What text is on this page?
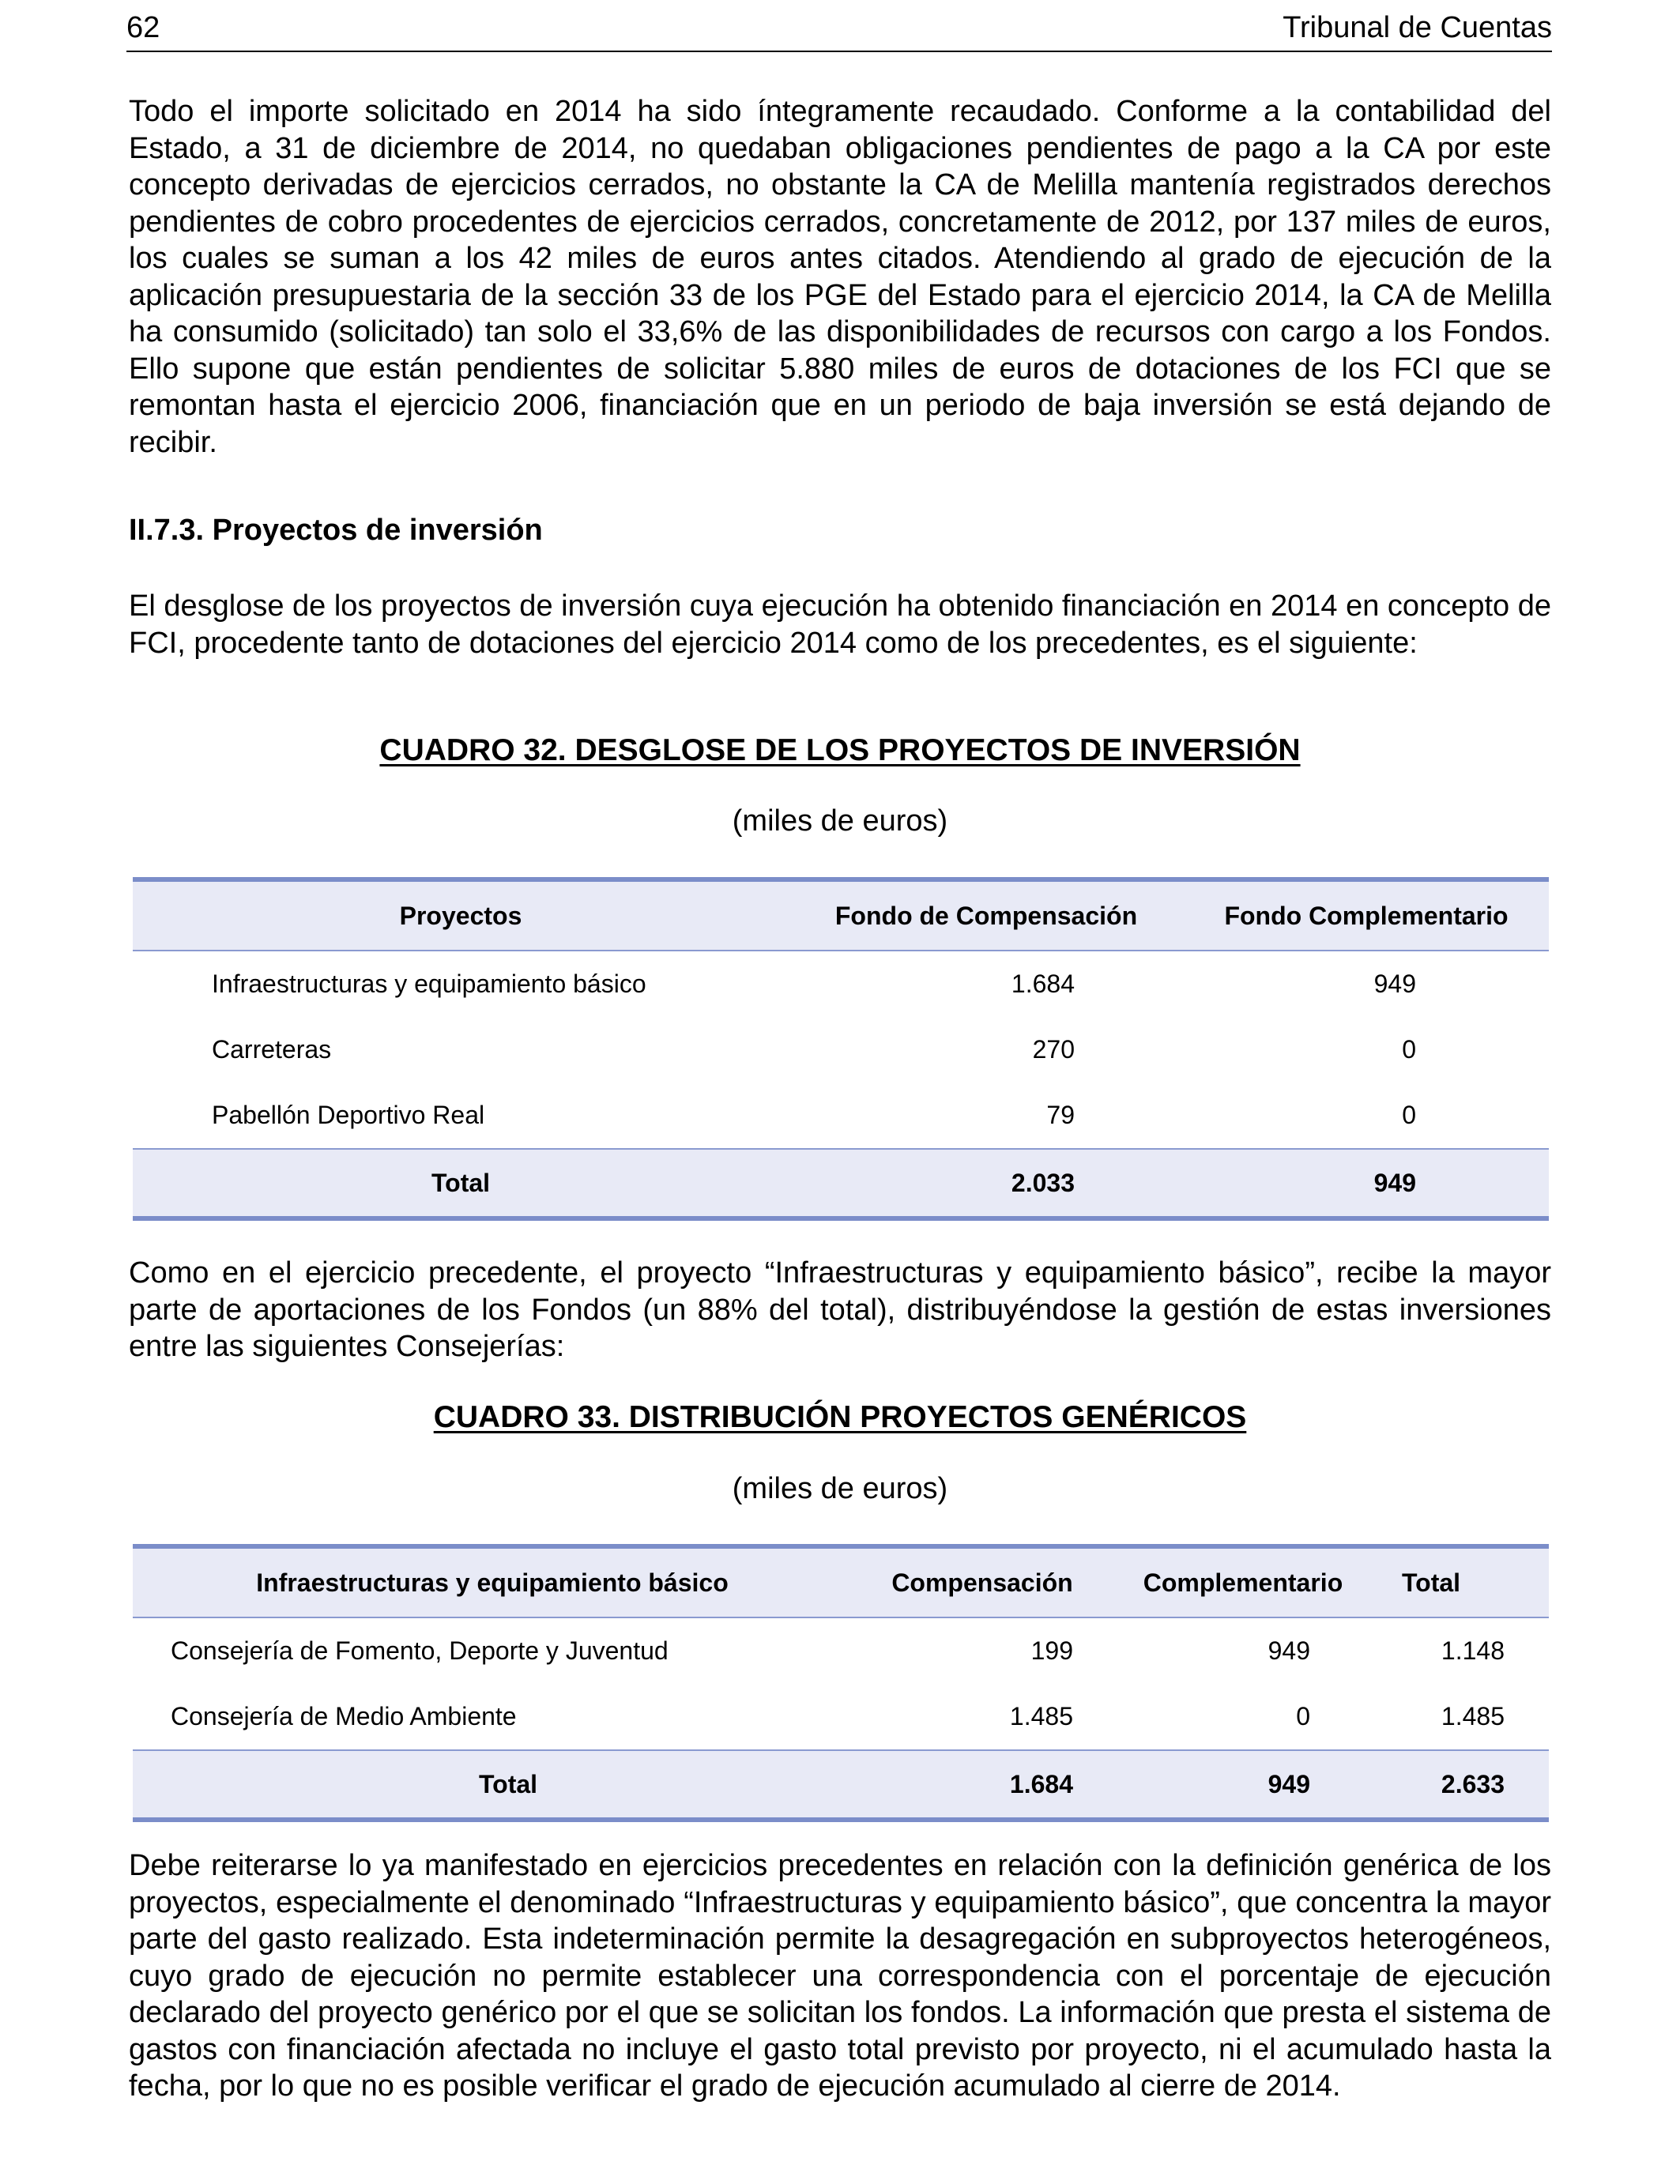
62	Tribunal de Cuentas

Todo el importe solicitado en 2014 ha sido íntegramente recaudado. Conforme a la contabilidad del Estado, a 31 de diciembre de 2014, no quedaban obligaciones pendientes de pago a la CA por este concepto derivadas de ejercicios cerrados, no obstante la CA de Melilla mantenía registrados derechos pendientes de cobro procedentes de ejercicios cerrados, concretamente de 2012, por 137 miles de euros, los cuales se suman a los 42 miles de euros antes citados. Atendiendo al grado de ejecución de la aplicación presupuestaria de la sección 33 de los PGE del Estado para el ejercicio 2014, la CA de Melilla ha consumido (solicitado) tan solo el 33,6% de las disponibilidades de recursos con cargo a los Fondos. Ello supone que están pendientes de solicitar 5.880 miles de euros de dotaciones de los FCI que se remontan hasta el ejercicio 2006, financiación que en un periodo de baja inversión se está dejando de recibir.

II.7.3. Proyectos de inversión

El desglose de los proyectos de inversión cuya ejecución ha obtenido financiación en 2014 en concepto de FCI, procedente tanto de dotaciones del ejercicio 2014 como de los precedentes, es el siguiente:

CUADRO 32. DESGLOSE DE LOS PROYECTOS DE INVERSIÓN
(miles de euros)
Proyectos	Fondo de Compensación	Fondo Complementario
Infraestructuras y equipamiento básico	1.684	949
Carreteras	270	0
Pabellón Deportivo Real	79	0
Total	2.033	949

Como en el ejercicio precedente, el proyecto “Infraestructuras y equipamiento básico”, recibe la mayor parte de aportaciones de los Fondos (un 88% del total), distribuyéndose la gestión de estas inversiones entre las siguientes Consejerías:

CUADRO 33. DISTRIBUCIÓN PROYECTOS GENÉRICOS
(miles de euros)
Infraestructuras y equipamiento básico	Compensación	Complementario	Total
Consejería de Fomento, Deporte y Juventud	199	949	1.148
Consejería de Medio Ambiente	1.485	0	1.485
Total	1.684	949	2.633

Debe reiterarse lo ya manifestado en ejercicios precedentes en relación con la definición genérica de los proyectos, especialmente el denominado “Infraestructuras y equipamiento básico”, que concentra la mayor parte del gasto realizado. Esta indeterminación permite la desagregación en subproyectos heterogéneos, cuyo grado de ejecución no permite establecer una correspondencia con el porcentaje de ejecución declarado del proyecto genérico por el que se solicitan los fondos. La información que presta el sistema de gastos con financiación afectada no incluye el gasto total previsto por proyecto, ni el acumulado hasta la fecha, por lo que no es posible verificar el grado de ejecución acumulado al cierre de 2014.
